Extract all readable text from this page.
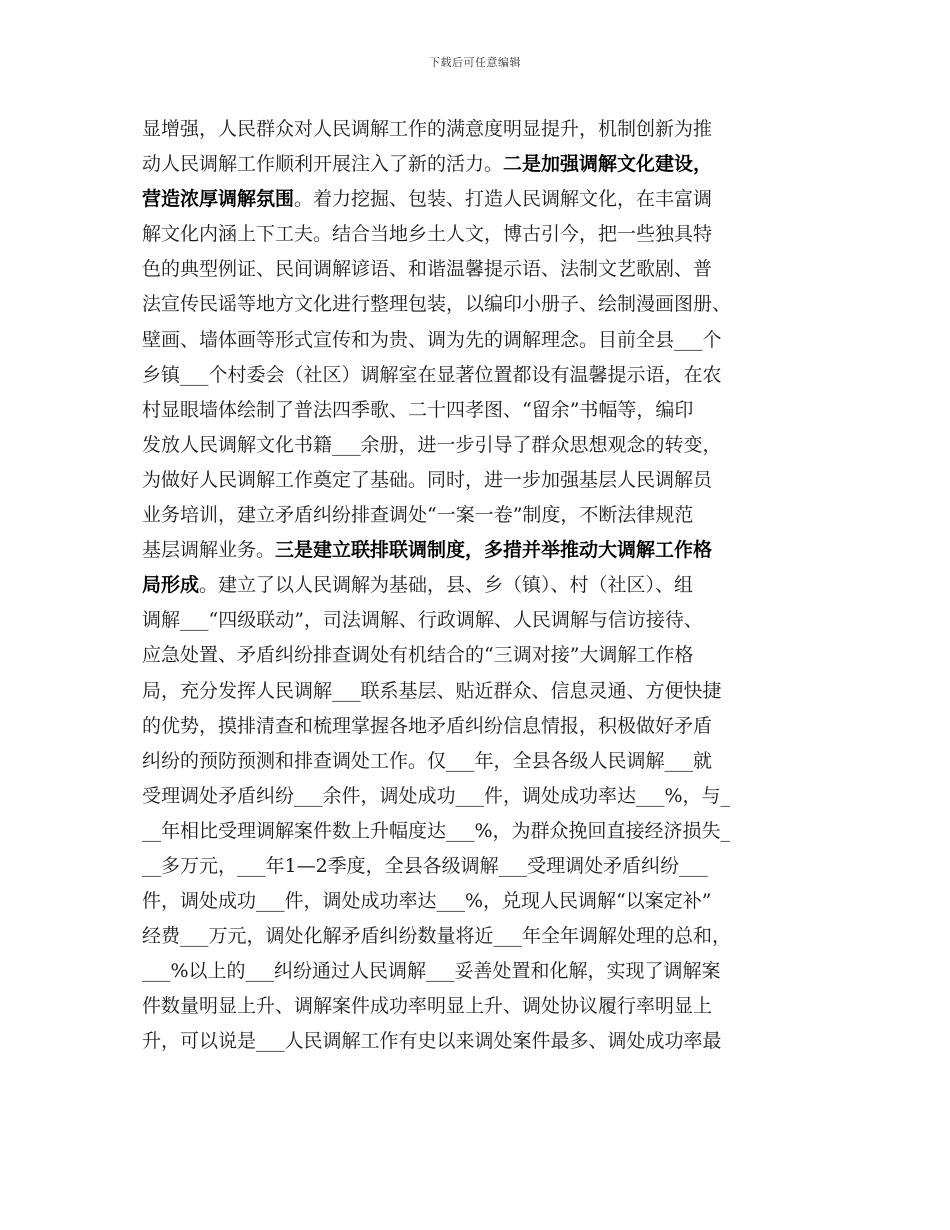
下载后可任意编辑
显增强，人民群众对人民调解工作的满意度明显提升，机制创新为推
动人民调解工作顺利开展注入了新的活力。二是加强调解文化建设，
营造浓厚调解氛围。着力挖掘、包装、打造人民调解文化，在丰富调
解文化内涵上下工夫。结合当地乡土人文，博古引今，把一些独具特
色的典型例证、民间调解谚语、和谐温馨提示语、法制文艺歌剧、普
法宣传民谣等地方文化进行整理包装，以编印小册子、绘制漫画图册、
壁画、墙体画等形式宣传和为贵、调为先的调解理念。目前全县___个
乡镇___个村委会（社区）调解室在显著位置都设有温馨提示语，在农
村显眼墙体绘制了普法四季歌、二十四孝图、“留余”书幅等，编印
发放人民调解文化书籍___余册，进一步引导了群众思想观念的转变，
为做好人民调解工作奠定了基础。同时，进一步加强基层人民调解员
业务培训，建立矛盾纠纷排查调处“一案一卷”制度，不断法律规范
基层调解业务。三是建立联排联调制度，多措并举推动大调解工作格
局形成。建立了以人民调解为基础，县、乡（镇）、村（社区）、组
调解___“四级联动”，司法调解、行政调解、人民调解与信访接待、
应急处置、矛盾纠纷排查调处有机结合的“三调对接”大调解工作格
局，充分发挥人民调解___联系基层、贴近群众、信息灵通、方便快捷
的优势，摸排清查和梳理掌握各地矛盾纠纷信息情报，积极做好矛盾
纠纷的预防预测和排查调处工作。仅___年，全县各级人民调解___就
受理调处矛盾纠纷___余件，调处成功___件，调处成功率达___%，与_
__年相比受理调解案件数上升幅度达___%，为群众挽回直接经济损失_
__多万元，___年1—2季度，全县各级调解___受理调处矛盾纠纷___
件，调处成功___件，调处成功率达___%，兑现人民调解“以案定补”
经费___万元，调处化解矛盾纠纷数量将近___年全年调解处理的总和，
___%以上的___纠纷通过人民调解___妥善处置和化解，实现了调解案
件数量明显上升、调解案件成功率明显上升、调处协议履行率明显上
升，可以说是___人民调解工作有史以来调处案件最多、调处成功率最
